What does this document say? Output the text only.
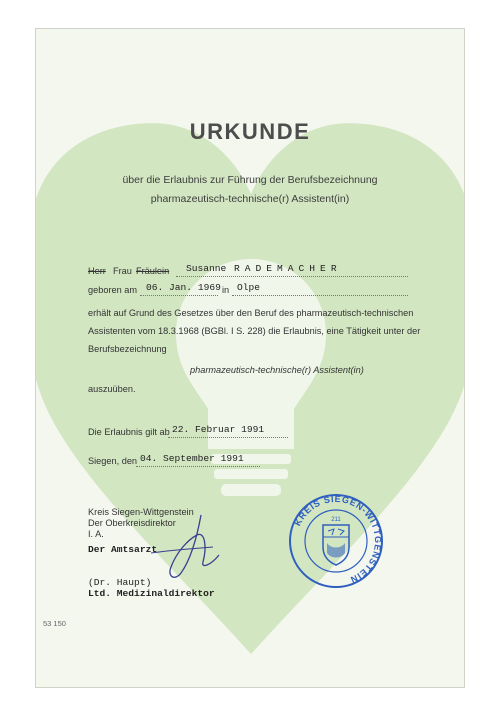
URKUNDE
über die Erlaubnis zur Führung der Berufsbezeichnung
pharmazeutisch-technische(r) Assistent(in)
Herr Frau Fräulein Susanne RADEMACHER
geboren am 06. Jan. 1969 in Olpe
erhält auf Grund des Gesetzes über den Beruf des pharmazeutisch-technischen
Assistenten vom 18.3.1968 (BGBl. I S. 228) die Erlaubnis, eine Tätigkeit unter der
Berufsbezeichnung
pharmazeutisch-technische(r) Assistent(in)
auszuüben.
Die Erlaubnis gilt ab 22. Februar 1991
Siegen, den 04. September 1991
Kreis Siegen-Wittgenstein
Der Oberkreisdirektor
I. A.
Der Amtsarzt
(Dr. Haupt)
Ltd. Medizinaldirektor
53 150
211
KREIS SIEGEN-WITTGENSTEIN
